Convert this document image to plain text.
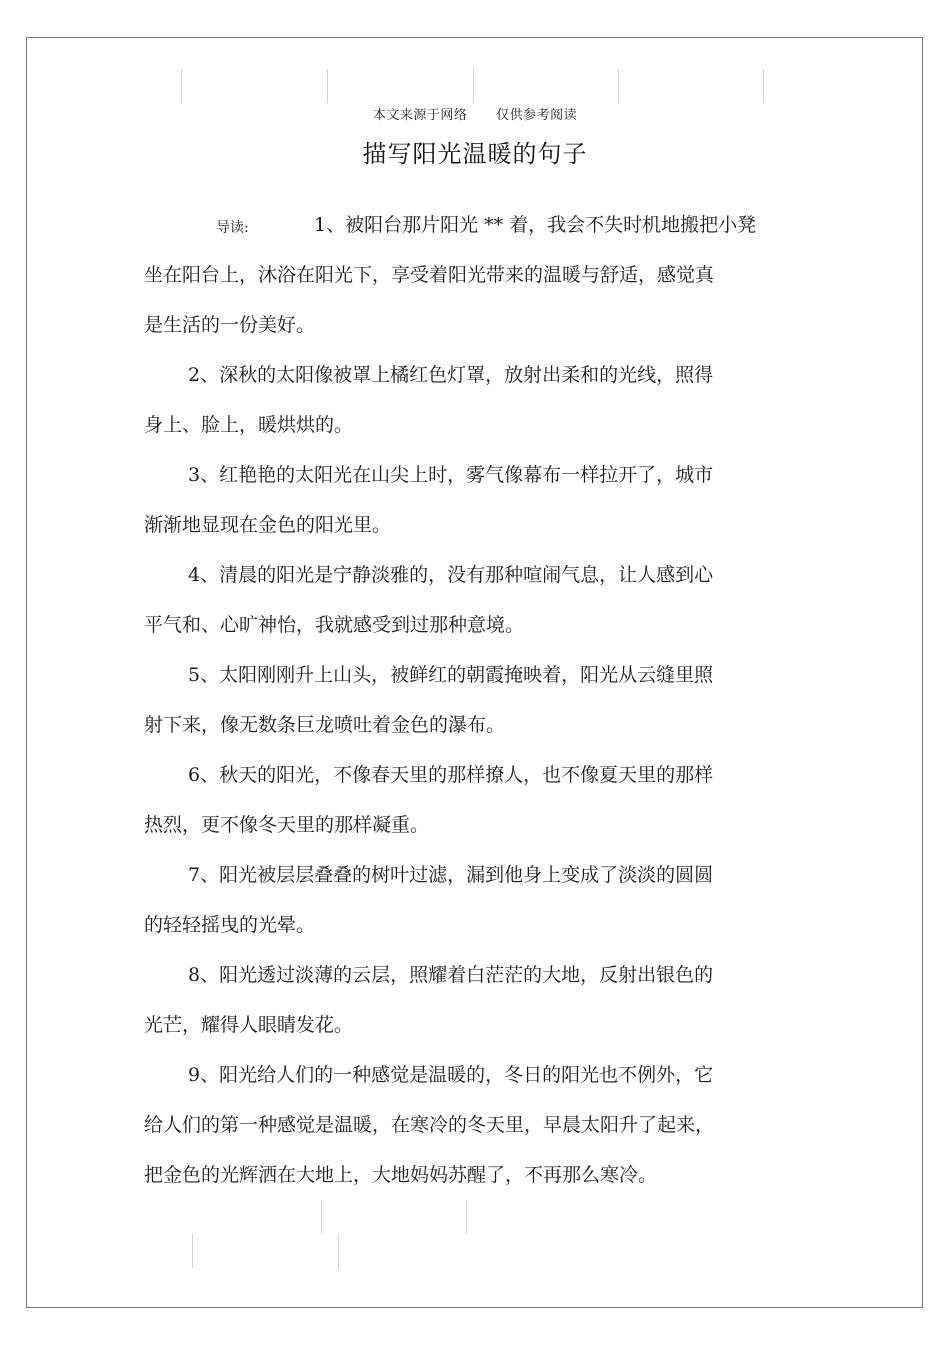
本文来源于网络 仅供参考阅读
描写阳光温暖的句子
导读:	1、被阳台那片阳光 ** 着，我会不失时机地搬把小凳
坐在阳台上，沐浴在阳光下，享受着阳光带来的温暖与舒适，感觉真
是生活的一份美好。
2、深秋的太阳像被罩上橘红色灯罩，放射出柔和的光线，照得
身上、脸上，暖烘烘的。
3、红艳艳的太阳光在山尖上时，雾气像幕布一样拉开了，城市
渐渐地显现在金色的阳光里。
4、清晨的阳光是宁静淡雅的，没有那种喧闹气息，让人感到心
平气和、心旷神怡，我就感受到过那种意境。
5、太阳刚刚升上山头，被鲜红的朝霞掩映着，阳光从云缝里照
射下来，像无数条巨龙喷吐着金色的瀑布。
6、秋天的阳光，不像春天里的那样撩人，也不像夏天里的那样
热烈，更不像冬天里的那样凝重。
7、阳光被层层叠叠的树叶过滤，漏到他身上变成了淡淡的圆圆
的轻轻摇曳的光晕。
8、阳光透过淡薄的云层，照耀着白茫茫的大地，反射出银色的
光芒，耀得人眼睛发花。
9、阳光给人们的一种感觉是温暖的，冬日的阳光也不例外，它
给人们的第一种感觉是温暖，在寒冷的冬天里，早晨太阳升了起来，
把金色的光辉洒在大地上，大地妈妈苏醒了，不再那么寒冷。
